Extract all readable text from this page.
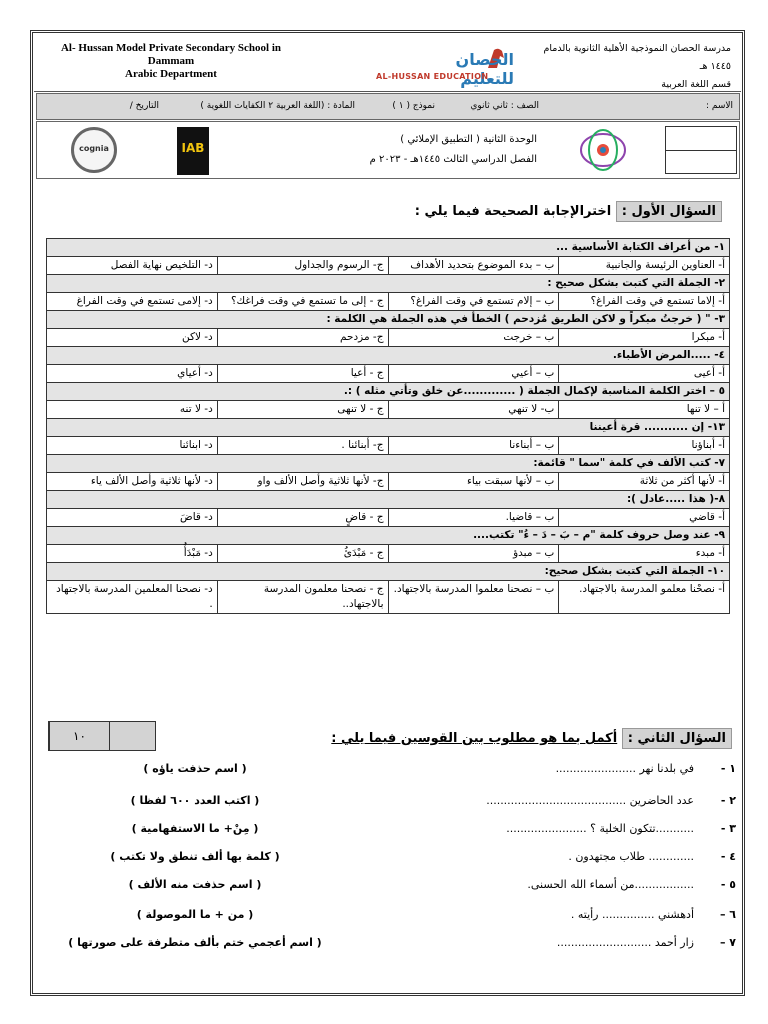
Al- Hussan Model Private Secondary School in
Dammam
Arabic Department
الحصان للتعليم
AL-HUSSAN EDUCATION
مدرسة الحصان النموذجية الأهلية الثانوية بالدمام
١٤٤٥ هـ
قسم اللغة العربية
الاسم :
الصف : ثاني ثانوي
نموذج ( ١ )
المادة : (اللغة العربية ٢ الكفايات اللغوية )
التاريخ /
cognia	IAB
الوحدة الثانية ( التطبيق الإملائي )
الفصل الدراسي الثالث ١٤٤٥هـ - ٢٠٢٣ م
السؤال الأول : اخترالإجابة الصحيحة فيما يلي :
١- من أعراف الكتابة الأساسية ...			
أ- العناوين الرئيسة والجانبية	ب – بدء الموضوع بتحديد الأهداف	ج- الرسوم والجداول	د- التلخيص نهاية الفصل
٢- الجملة التي كتبت بشكل صحيح :			
أ- إلاما تستمع في وقت الفراغ؟	ب – إلام تستمع في وقت الفراغ؟	ج - إلى ما تستمع في وقت فراغك؟	د- إلامى تستمع في وقت الفراغ
٣- " ( خرجتُ مبكراً و لاكن الطريق مُزدحم ) الخطأ في هذه الجملة هي الكلمة :			
أ- مبكرا	ب – خرجت	ج- مزدحم	د- لاكن
٤- .....المرض الأطباء.			
أ- أعيى	ب – أعيي	ج - أعيا	د- أعياي
٥ – اختر الكلمة المناسبة لإكمال الجملة ( .............عن خلق وتأتي مثله ) :.			
أ – لا تنها	ب- لا تنهي	ج - لا تنهى	د- لا تنه
١٣- إن ........... قرة أعيننا			
أ- أبناؤنا	ب – أبناءنا	ج- أبنائنا .	د- ابنائنا
٧- كتب الألف في كلمة "سما " قائمة:			
أ- لأنها أكثر من ثلاثة	ب – لأنها سبقت بياء	ج- لأنها ثلاثية وأصل الألف واو	د- لأنها ثلاثية وأصل الألف ياء
٨-( هذا .....عادل ):			
أ- قاضي	ب – قاضيا.	ج - قاضٍ	د- قاضَ
٩- عند وصل حروف كلمة "م – بَ – دَ – ءُ" تكتب....			
أ- مبدء	ب – مبدؤ	ج - مَبْدَئُ	د- مَبْدَأُ
١٠- الجملة التي كتبت بشكل صحيح:			
أ- نصحْنا معلمو المدرسة بالاجتهاد.	ب – نصحنا معلموا المدرسة بالاجتهاد.	ج - نصحنا معلمون المدرسة بالاجتهاد..	د- نصحنا المعلمين المدرسة بالاجتهاد .
١٠	السؤال الثاني : أكمل بما هو مطلوب بين القوسين فيما يلي :
١ -
في بلدنا نهر .......................
( اسم حذفت ياؤه )
٢ -
عدد الحاضرين ........................................
( اكتب العدد ٦٠٠ لفظا )
٣ -
...........تتكون الخلية ؟ .......................
( مِنْ+ ما الاستفهامية )
٤ -
............. طلاب مجتهدون .
( كلمة بها ألف تنطق ولا تكتب )
٥ -
.................من أسماء الله الحسنى.
( اسم حذفت منه الألف )
٦ –
أدهشني ............... رأيته .
( من + ما الموصولة )
٧ –
زار أحمد ...........................
( اسم أعجمي ختم بألف متطرفة على صورتها )
